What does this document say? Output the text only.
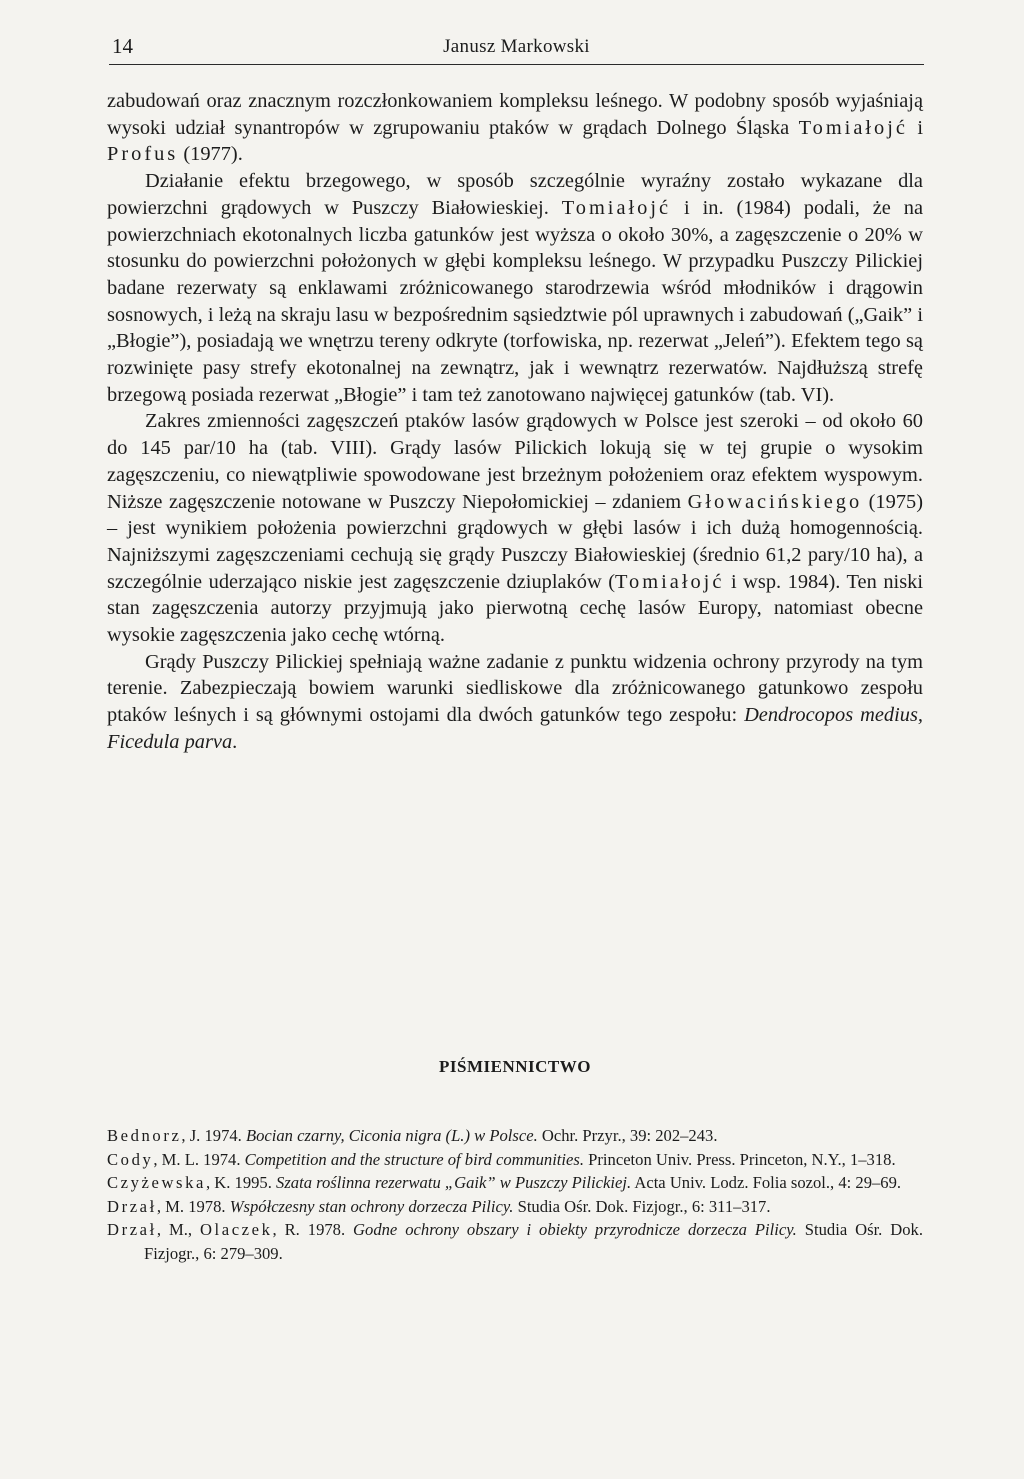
14	Janusz Markowski

zabudowań oraz znacznym rozczłonkowaniem kompleksu leśnego. W podobny sposób wyjaśniają wysoki udział synantropów w zgrupowaniu ptaków w grądach Dolnego Śląska Tomiałojć i Profus (1977).

Działanie efektu brzegowego, w sposób szczególnie wyraźny zostało wykazane dla powierzchni grądowych w Puszczy Białowieskiej. Tomiałojć i in. (1984) podali, że na powierzchniach ekotonalnych liczba gatunków jest wyższa o około 30%, a zagęszczenie o 20% w stosunku do powierzchni położonych w głębi kompleksu leśnego. W przypadku Puszczy Pilickiej badane rezerwaty są enklawami zróżnicowanego starodrzewia wśród młodników i drągowin sosnowych, i leżą na skraju lasu w bezpośrednim sąsiedztwie pól uprawnych i zabudowań („Gaik” i „Błogie”), posiadają we wnętrzu tereny odkryte (torfowiska, np. rezerwat „Jeleń”). Efektem tego są rozwinięte pasy strefy ekotonalnej na zewnątrz, jak i wewnątrz rezerwatów. Najdłuższą strefę brzegową posiada rezerwat „Błogie” i tam też zanotowano najwięcej gatunków (tab. VI).

Zakres zmienności zagęszczeń ptaków lasów grądowych w Polsce jest szeroki – od około 60 do 145 par/10 ha (tab. VIII). Grądy lasów Pilickich lokują się w tej grupie o wysokim zagęszczeniu, co niewątpliwie spowodowane jest brzeżnym położeniem oraz efektem wyspowym. Niższe zagęszczenie notowane w Puszczy Niepołomickiej – zdaniem Głowacińskiego (1975) – jest wynikiem położenia powierzchni grądowych w głębi lasów i ich dużą homogennością. Najniższymi zagęszczeniami cechują się grądy Puszczy Białowieskiej (średnio 61,2 pary/10 ha), a szczególnie uderzająco niskie jest zagęszczenie dziuplaków (Tomiałojć i wsp. 1984). Ten niski stan zagęszczenia autorzy przyjmują jako pierwotną cechę lasów Europy, natomiast obecne wysokie zagęszczenia jako cechę wtórną.

Grądy Puszczy Pilickiej spełniają ważne zadanie z punktu widzenia ochrony przyrody na tym terenie. Zabezpieczają bowiem warunki siedliskowe dla zróżnicowanego gatunkowo zespołu ptaków leśnych i są głównymi ostojami dla dwóch gatunków tego zespołu: Dendrocopos medius, Ficedula parva.

PIŚMIENNICTWO

Bednorz, J. 1974. Bocian czarny, Ciconia nigra (L.) w Polsce. Ochr. Przyr., 39: 202–243.

Cody, M. L. 1974. Competition and the structure of bird communities. Princeton Univ. Press. Princeton, N.Y., 1–318.

Czyżewska, K. 1995. Szata roślinna rezerwatu „Gaik” w Puszczy Pilickiej. Acta Univ. Lodz. Folia sozol., 4: 29–69.

Drzał, M. 1978. Współczesny stan ochrony dorzecza Pilicy. Studia Ośr. Dok. Fizjogr., 6: 311–317.

Drzał, M., Olaczek, R. 1978. Godne ochrony obszary i obiekty przyrodnicze dorzecza Pilicy. Studia Ośr. Dok. Fizjogr., 6: 279–309.
